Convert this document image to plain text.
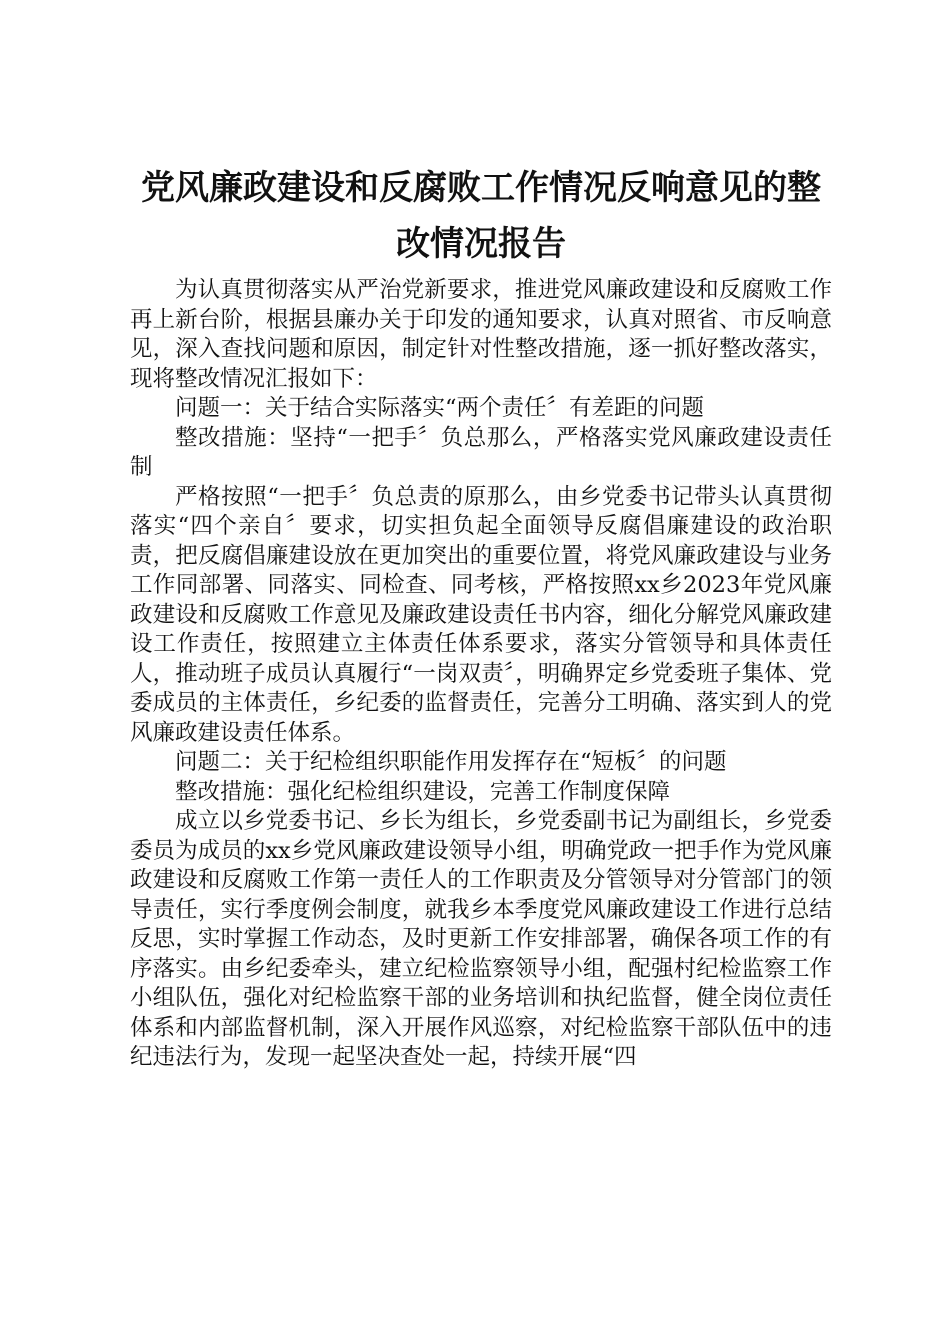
党风廉政建设和反腐败工作情况反响意见的整
改情况报告

为认真贯彻落实从严治党新要求，推进党风廉政建设和反腐败工作再上新台阶，根据县廉办关于印发的通知要求，认真对照省、市反响意见，深入查找问题和原因，制定针对性整改措施，逐一抓好整改落实，现将整改情况汇报如下：

问题一：关于结合实际落实“两个责任〞有差距的问题

整改措施：坚持“一把手〞负总那么，严格落实党风廉政建设责任制

严格按照“一把手〞负总责的原那么，由乡党委书记带头认真贯彻落实“四个亲自〞要求，切实担负起全面领导反腐倡廉建设的政治职责，把反腐倡廉建设放在更加突出的重要位置，将党风廉政建设与业务工作同部署、同落实、同检查、同考核，严格按照xx乡2023年党风廉政建设和反腐败工作意见及廉政建设责任书内容，细化分解党风廉政建设工作责任，按照建立主体责任体系要求，落实分管领导和具体责任人，推动班子成员认真履行“一岗双责〞，明确界定乡党委班子集体、党委成员的主体责任，乡纪委的监督责任，完善分工明确、落实到人的党风廉政建设责任体系。

问题二：关于纪检组织职能作用发挥存在“短板〞的问题

整改措施：强化纪检组织建设，完善工作制度保障

成立以乡党委书记、乡长为组长，乡党委副书记为副组长，乡党委委员为成员的xx乡党风廉政建设领导小组，明确党政一把手作为党风廉政建设和反腐败工作第一责任人的工作职责及分管领导对分管部门的领导责任，实行季度例会制度，就我乡本季度党风廉政建设工作进行总结反思，实时掌握工作动态，及时更新工作安排部署，确保各项工作的有序落实。由乡纪委牵头，建立纪检监察领导小组，配强村纪检监察工作小组队伍，强化对纪检监察干部的业务培训和执纪监督，健全岗位责任体系和内部监督机制，深入开展作风巡察，对纪检监察干部队伍中的违纪违法行为，发现一起坚决查处一起，持续开展“四
